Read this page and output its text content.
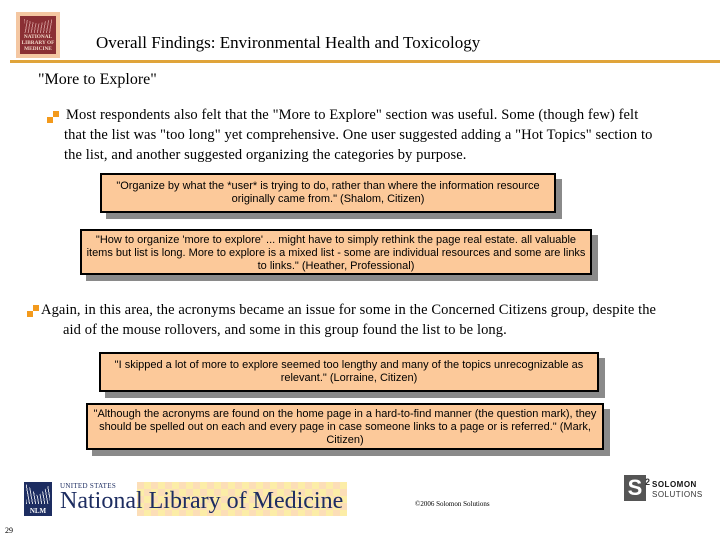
NATIONAL
LIBRARY OF
MEDICINE	Overall Findings: Environmental Health and Toxicology
"More to Explore"
Most respondents also felt that the "More to Explore" section was useful. Some (though few) felt that the list was "too long" yet comprehensive. One user suggested adding a "Hot Topics" section to the list, and another suggested organizing the categories by purpose.
"Organize by what the *user* is trying to do, rather than where the information resource originally came from." (Shalom, Citizen)
"How to organize 'more to explore' ... might have to simply rethink the page real estate. all valuable items but list is long. More to explore is a mixed list - some are individual resources and some are links to links." (Heather, Professional)
Again, in this area, the acronyms became an issue for some in the Concerned Citizens group, despite the aid of the mouse rollovers, and some in this group found the list to be long.
"I skipped a lot of more to explore seemed too lengthy and many of the topics unrecognizable as relevant." (Lorraine, Citizen)
"Although the acronyms are found on the home page in a hard-to-find manner (the question mark), they should be spelled out on each and every page in case someone links to a page or is referred." (Mark, Citizen)
NLM
UNITED STATES
National Library of Medicine	©2006 Solomon Solutions
S 2 SOLOMON
SOLUTIONS
29
